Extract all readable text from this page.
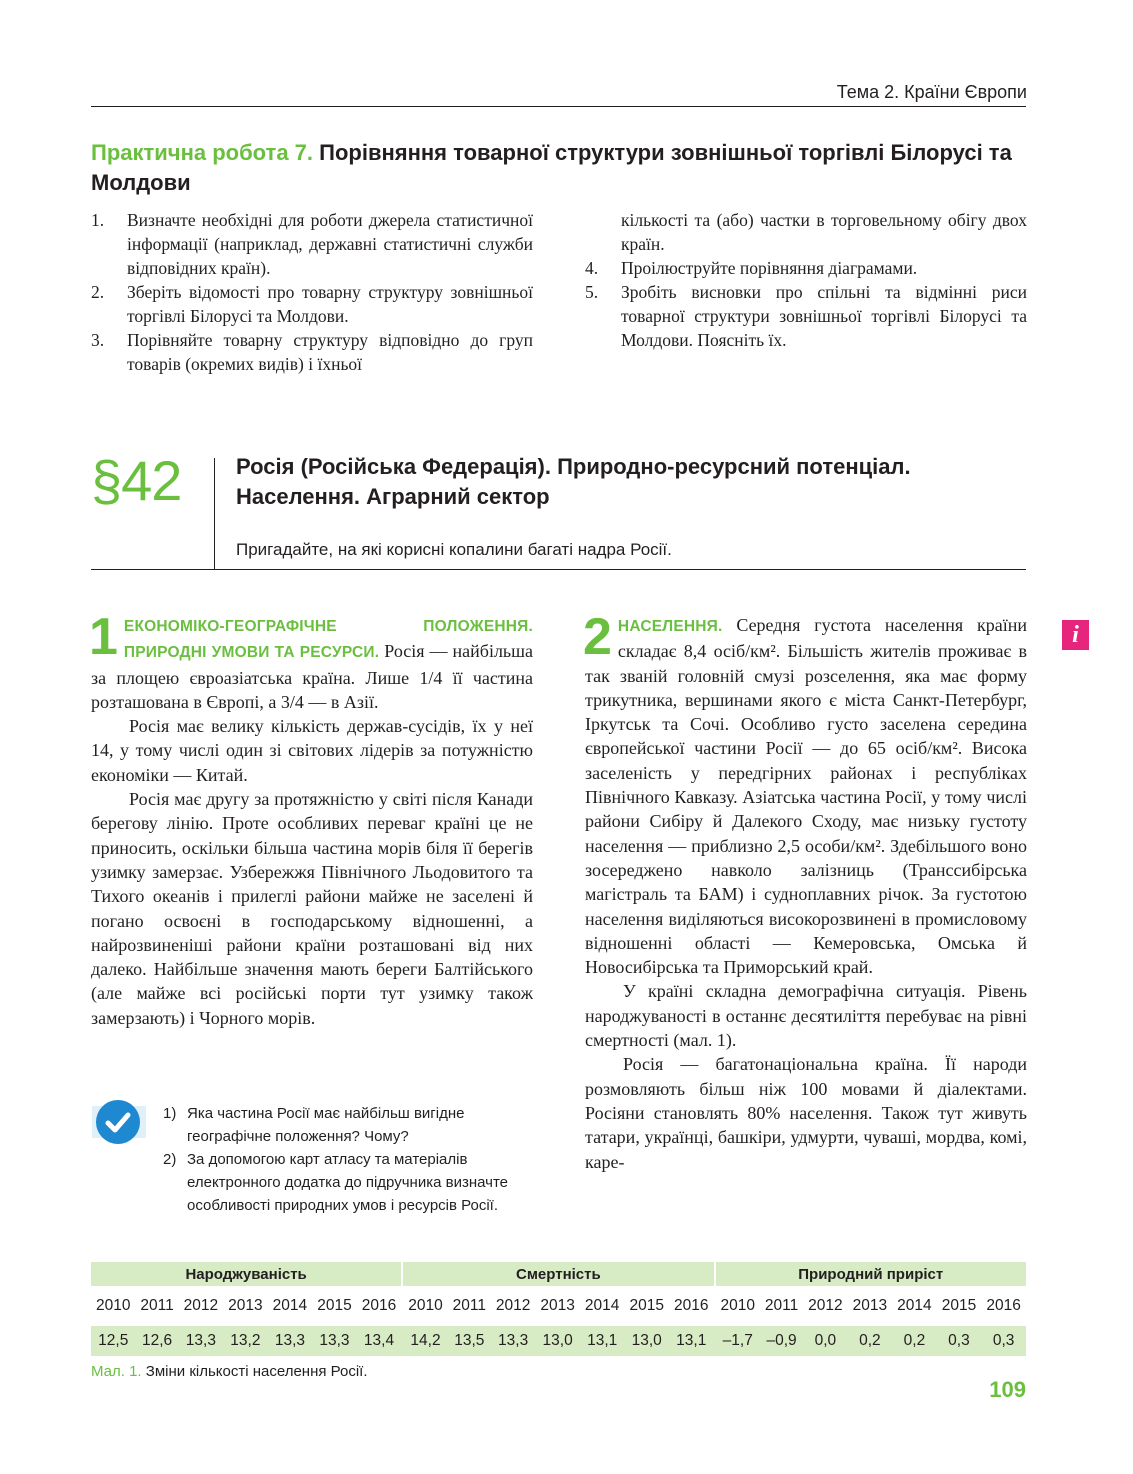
Тема 2. Країни Європи
Практична робота 7. Порівняння товарної структури зовнішньої торгівлі Білорусі та Молдови
1. Визначте необхідні для роботи джерела статистичної інформації (наприклад, державні статистичні служби відповідних країн).
2. Зберіть відомості про товарну структуру зовнішньої торгівлі Білорусі та Молдови.
3. Порівняйте товарну структуру відповідно до груп товарів (окремих видів) і їхньої
кількості та (або) частки в торговельному обігу двох країн.
4. Проілюструйте порівняння діаграмами.
5. Зробіть висновки про спільні та відмінні риси товарної структури зовнішньої торгівлі Білорусі та Молдови. Поясніть їх.
§42 Росія (Російська Федерація). Природно-ресурсний потенціал. Населення. Аграрний сектор
Пригадайте, на які корисні копалини багаті надра Росії.

1 ЕКОНОМІКО-ГЕОГРАФІЧНЕ ПОЛОЖЕННЯ. ПРИРОДНІ УМОВИ ТА РЕСУРСИ. Росія — найбільша за площею євроазіатська країна. Лише 1/4 її частина розташована в Європі, а 3/4 — в Азії.

Росія має велику кількість держав-сусідів, їх у неї 14, у тому числі один зі світових лідерів за потужністю економіки — Китай.

Росія має другу за протяжністю у світі після Канади берегову лінію. Проте особливих переваг країні це не приносить, оскільки більша частина морів біля її берегів узимку замерзає. Узбережжя Північного Льодовитого та Тихого океанів і прилеглі райони майже не заселені й погано освоєні в господарському відношенні, а найрозвиненіші райони країни розташовані від них далеко. Найбільше значення мають береги Балтійського (але майже всі російські порти тут узимку також замерзають) і Чорного морів.

1) Яка частина Росії має найбільш вигідне географічне положення? Чому?
2) За допомогою карт атласу та матеріалів електронного додатка до підручника визначте особливості природних умов і ресурсів Росії.

2 НАСЕЛЕННЯ. Середня густота населення країни складає 8,4 осіб/км². Більшість жителів проживає в так званій головній смузі розселення, яка має форму трикутника, вершинами якого є міста Санкт-Петербург, Іркутськ та Сочі. Особливо густо заселена середина європейської частини Росії — до 65 осіб/км². Висока заселеність у передгірних районах і республіках Північного Кавказу. Азіатська частина Росії, у тому числі райони Сибіру й Далекого Сходу, має низьку густоту населення — приблизно 2,5 особи/км². Здебільшого воно зосереджено навколо залізниць (Транссибірська магістраль та БАМ) і судноплавних річок. За густотою населення виділяються високорозвинені в промисловому відношенні області — Кемеровська, Омська й Новосибірська та Приморський край.

У країні складна демографічна ситуація. Рівень народжуваності в останнє десятиліття перебуває на рівні смертності (мал. 1).

Росія — багатонаціональна країна. Її народи розмовляють більш ніж 100 мовами й діалектами. Росіяни становлять 80% населення. Також тут живуть татари, українці, башкіри, удмурти, чуваші, мордва, комі, каре-

i
Народжуваність								Смертність								Природний приріст						
2010	2011	2012	2013	2014	2015	2016		2010	2011	2012	2013	2014	2015	2016		2010	2011	2012	2013	2014	2015	2016
12,5	12,6	13,3	13,2	13,3	13,3	13,4		14,2	13,5	13,3	13,0	13,1	13,0	13,1		–1,7	–0,9	0,0	0,2	0,2	0,3	0,3
Мал. 1. Зміни кількості населення Росії.
109
